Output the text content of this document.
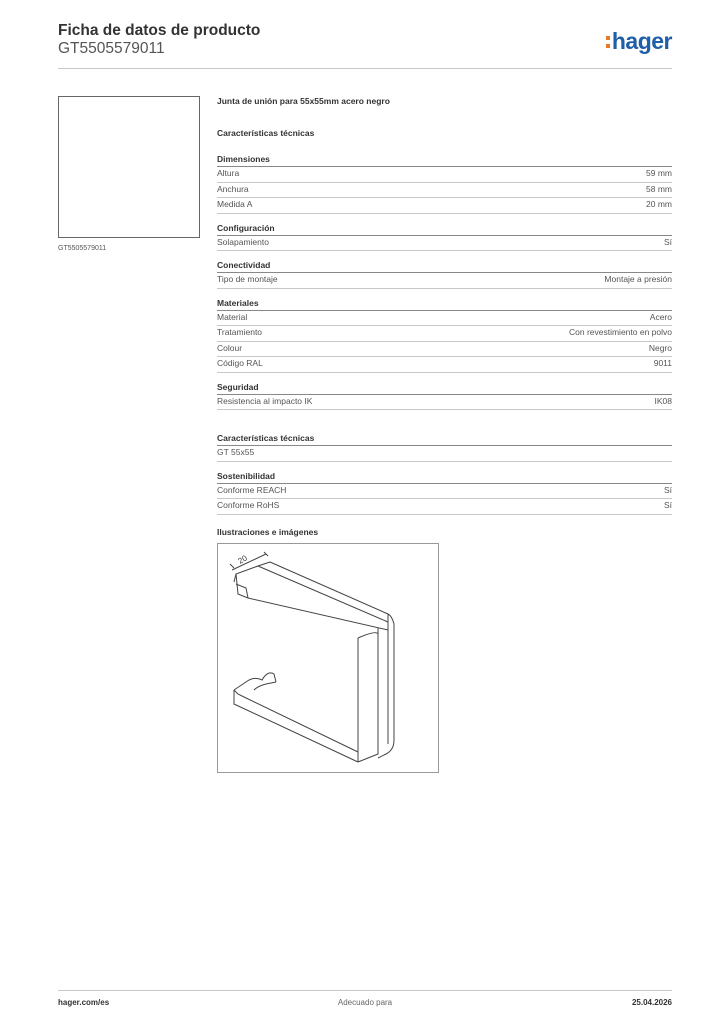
Ficha de datos de producto
GT5505579011	hager
GT5505579011
Junta de unión para 55x55mm acero negro
Características técnicas
Dimensiones
Altura	59 mm
Anchura	58 mm
Medida A	20 mm
Configuración
Solapamiento	Sí
Conectividad
Tipo de montaje	Montaje a presión
Materiales
Material	Acero
Tratamiento	Con revestimiento en polvo
Colour	Negro
Código RAL	9011
Seguridad
Resistencia al impacto IK	IK08
Características técnicas
GT 55x55
Sostenibilidad
Conforme REACH	Sí
Conforme RoHS	Sí
Ilustraciones e imágenes
20
hager.com/es	Adecuado para	25.04.2026
